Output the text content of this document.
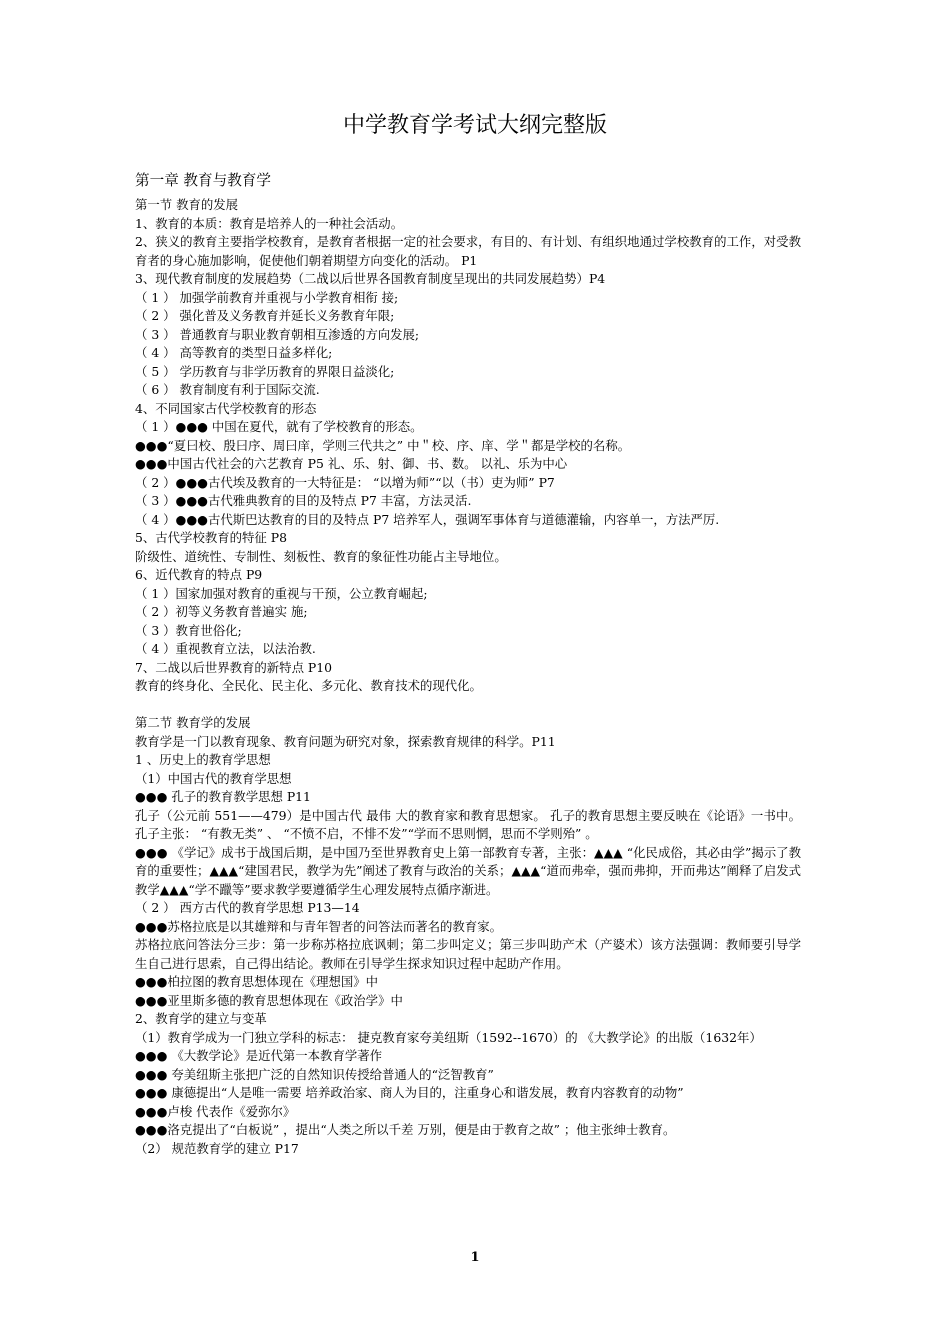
中学教育学考试大纲完整版
第一章 教育与教育学
第一节 教育的发展
1、教育的本质：教育是培养人的一种社会活动。
2、狭义的教育主要指学校教育，是教育者根据一定的社会要求，有目的、有计划、有组织地通过学校教育的工作，对受教育者的身心施加影响，促使他们朝着期望方向变化的活动。 P1
3、现代教育制度的发展趋势（二战以后世界各国教育制度呈现出的共同发展趋势）P4
（ 1 ） 加强学前教育并重视与小学教育相衔 接;
（ 2 ） 强化普及义务教育并延长义务教育年限;
（ 3 ） 普通教育与职业教育朝相互渗透的方向发展;
（ 4 ） 高等教育的类型日益多样化;
（ 5 ） 学历教育与非学历教育的界限日益淡化;
（ 6 ） 教育制度有利于国际交流.
4、不同国家古代学校教育的形态
（ 1 ）●●● 中国在夏代，就有了学校教育的形态。
●●●“夏曰校、殷曰序、周曰庠，学则三代共之” 中＂校、序、庠、学＂都是学校的名称。
●●●中国古代社会的六艺教育 P5 礼、乐、射、御、书、数。 以礼、乐为中心
（ 2 ）●●●古代埃及教育的一大特征是： “以增为师”“以（书）吏为师” P7
（ 3 ）●●●古代雅典教育的目的及特点 P7 丰富，方法灵活.
（ 4 ）●●●古代斯巴达教育的目的及特点 P7 培养军人，强调军事体育与道德灌输，内容单一，方法严厉.
5、古代学校教育的特征 P8
阶级性、道统性、专制性、刻板性、教育的象征性功能占主导地位。
6、近代教育的特点 P9
（ 1 ）国家加强对教育的重视与干预，公立教育崛起;
（ 2 ）初等义务教育普遍实 施;
（ 3 ）教育世俗化;
（ 4 ）重视教育立法，以法治教.
7、二战以后世界教育的新特点 P10
教育的终身化、全民化、民主化、多元化、教育技术的现代化。
第二节 教育学的发展
教育学是一门以教育现象、教育问题为研究对象，探索教育规律的科学。P11
1 、历史上的教育学思想
（1）中国古代的教育学思想
●●● 孔子的教育教学思想 P11
孔子（公元前 551——479）是中国古代 最伟 大的教育家和教育思想家。 孔子的教育思想主要反映在《论语》一书中。 孔子主张： “有教无类” 、 “不愤不启，不悱不发”“学而不思则惘，思而不学则殆” 。
●●● 《学记》成书于战国后期，是中国乃至世界教育史上第一部教育专著，主张：▲▲▲ “化民成俗，其必由学”揭示了教育的重要性；▲▲▲“建国君民，教学为先”阐述了教育与政治的关系；▲▲▲“道而弗牵，强而弗抑，开而弗达”阐释了启发式教学▲▲▲“学不躐等”要求教学要遵循学生心理发展特点循序渐进。
（ 2 ） 西方古代的教育学思想 P13—14
●●●苏格拉底是以其雄辩和与青年智者的问答法而著名的教育家。
苏格拉底问答法分三步：第一步称苏格拉底讽刺；第二步叫定义；第三步叫助产术（产婆术）该方法强调：教师要引导学生自己进行思索，自己得出结论。教师在引导学生探求知识过程中起助产作用。
●●●柏拉图的教育思想体现在《理想国》中
●●●亚里斯多德的教育思想体现在《政治学》中
2、教育学的建立与变革
（1）教育学成为一门独立学科的标志： 捷克教育家夸美纽斯（1592--1670）的 《大教学论》的出版（1632年）
●●● 《大教学论》是近代第一本教育学著作
●●● 夸美纽斯主张把广泛的自然知识传授给普通人的“泛智教育”
●●● 康德提出“人是唯一需要 培养政治家、商人为目的，注重身心和谐发展，教育内容教育的动物”
●●●卢梭 代表作《爱弥尔》
●●●洛克提出了“白板说” ，提出“人类之所以千差 万别，便是由于教育之故” ；他主张绅士教育。
（2） 规范教育学的建立 P17
1
